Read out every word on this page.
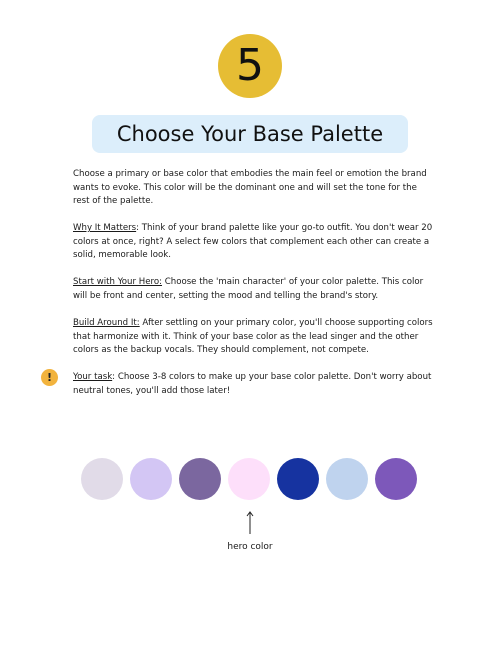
5
Choose Your Base Palette

Choose a primary or base color that embodies the main feel or emotion the brand wants to evoke. This color will be the dominant one and will set the tone for the rest of the palette.

Why It Matters: Think of your brand palette like your go-to outfit. You don't wear 20 colors at once, right? A select few colors that complement each other can create a solid, memorable look.

Start with Your Hero: Choose the 'main character' of your color palette. This color will be front and center, setting the mood and telling the brand's story.

Build Around It: After settling on your primary color, you'll choose supporting colors that harmonize with it. Think of your base color as the lead singer and the other colors as the backup vocals. They should complement, not compete.

! Your task: Choose 3-8 colors to make up your base color palette. Don't worry about neutral tones, you'll add those later!

hero color
